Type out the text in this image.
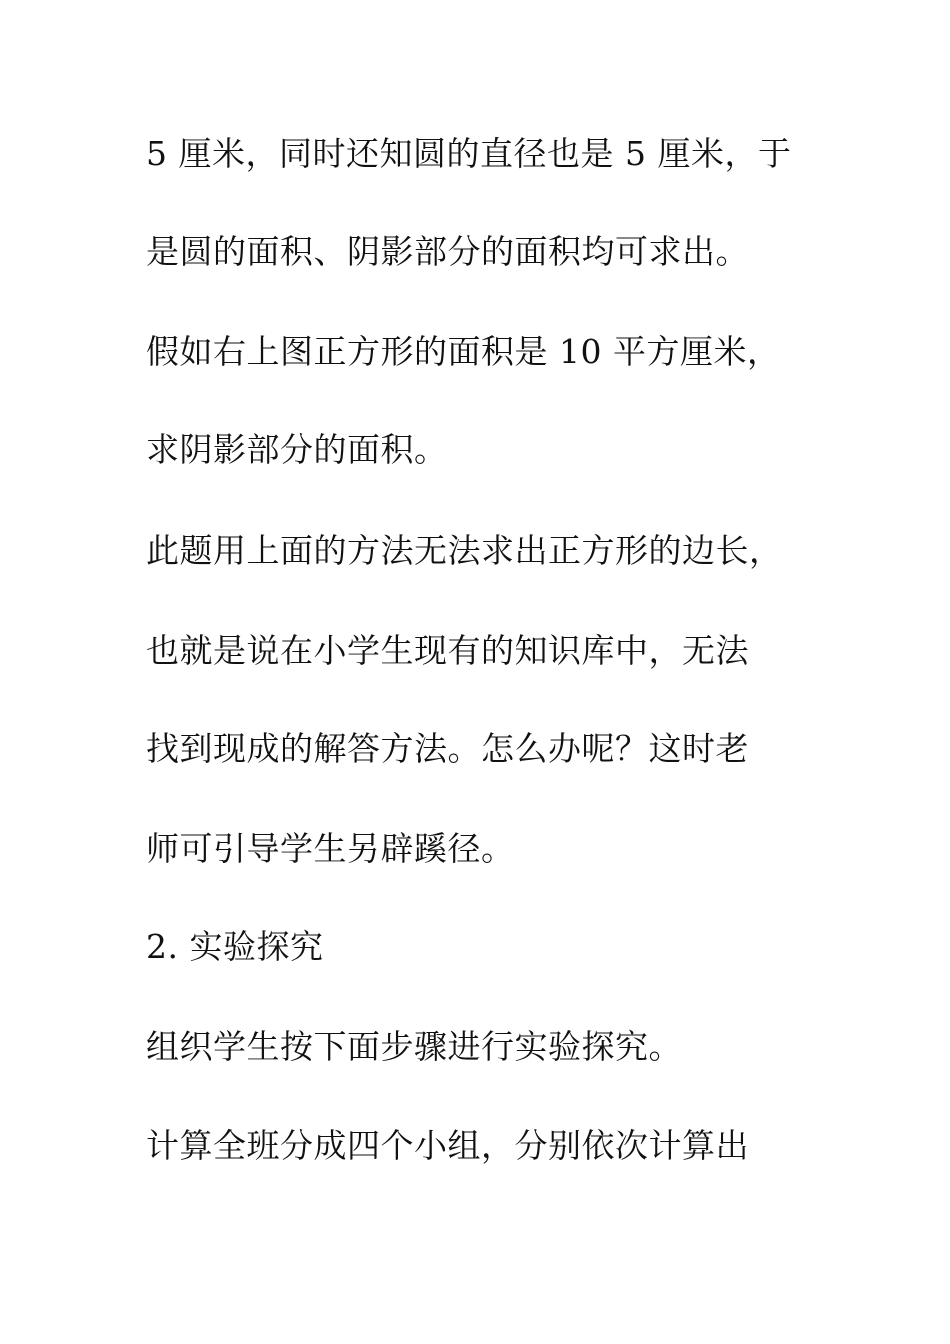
5 厘米，同时还知圆的直径也是 5 厘米，于
是圆的面积、阴影部分的面积均可求出。
假如右上图正方形的面积是 10 平方厘米，
求阴影部分的面积。
此题用上面的方法无法求出正方形的边长，
也就是说在小学生现有的知识库中，无法
找到现成的解答方法。怎么办呢？这时老
师可引导学生另辟蹊径。
2. 实验探究
组织学生按下面步骤进行实验探究。
计算全班分成四个小组，分别依次计算出
